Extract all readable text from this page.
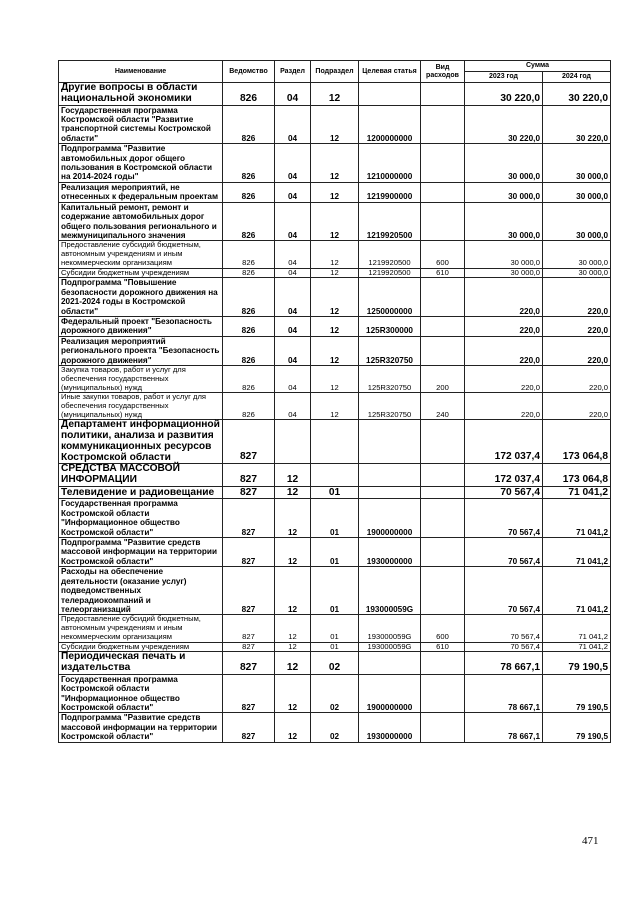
Наименование	Ведомство	Раздел	Подраздел	Целевая статья	Вид расходов	Сумма	
						2023 год	2024 год
Другие вопросы в области национальной экономики	826	04	12			30 220,0	30 220,0
Государственная программа Костромской области "Развитие транспортной системы Костромской области"	826	04	12	1200000000		30 220,0	30 220,0
Подпрограмма "Развитие автомобильных дорог общего пользования в Костромской области на 2014-2024 годы"	826	04	12	1210000000		30 000,0	30 000,0
Реализация мероприятий, не отнесенных к федеральным проектам	826	04	12	1219900000		30 000,0	30 000,0
Капитальный ремонт, ремонт и содержание автомобильных дорог общего пользования регионального и межмуниципального значения	826	04	12	1219920500		30 000,0	30 000,0
Предоставление субсидий бюджетным, автономным учреждениям и иным некоммерческим организациям	826	04	12	1219920500	600	30 000,0	30 000,0
Субсидии бюджетным учреждениям	826	04	12	1219920500	610	30 000,0	30 000,0
Подпрограмма "Повышение безопасности дорожного движения на 2021-2024 годы в Костромской области"	826	04	12	1250000000		220,0	220,0
Федеральный проект "Безопасность дорожного движения"	826	04	12	125R300000		220,0	220,0
Реализация мероприятий регионального проекта "Безопасность дорожного движения"	826	04	12	125R320750		220,0	220,0
Закупка товаров, работ и услуг для обеспечения государственных (муниципальных) нужд	826	04	12	125R320750	200	220,0	220,0
Иные закупки товаров, работ и услуг для обеспечения государственных (муниципальных) нужд	826	04	12	125R320750	240	220,0	220,0
Департамент информационной политики, анализа и развития коммуникационных ресурсов Костромской области	827					172 037,4	173 064,8
СРЕДСТВА МАССОВОЙ ИНФОРМАЦИИ	827	12				172 037,4	173 064,8
Телевидение и радиовещание	827	12	01			70 567,4	71 041,2
Государственная программа Костромской области "Информационное общество Костромской области"	827	12	01	1900000000		70 567,4	71 041,2
Подпрограмма "Развитие средств массовой информации на территории Костромской области"	827	12	01	1930000000		70 567,4	71 041,2
Расходы на обеспечение деятельности (оказание услуг) подведомственных телерадиокомпаний и телеорганизаций	827	12	01	193000059G		70 567,4	71 041,2
Предоставление субсидий бюджетным, автономным учреждениям и иным некоммерческим организациям	827	12	01	193000059G	600	70 567,4	71 041,2
Субсидии бюджетным учреждениям	827	12	01	193000059G	610	70 567,4	71 041,2
Периодическая печать и издательства	827	12	02			78 667,1	79 190,5
Государственная программа Костромской области "Информационное общество Костромской области"	827	12	02	1900000000		78 667,1	79 190,5
Подпрограмма "Развитие средств массовой информации на территории Костромской области"	827	12	02	1930000000		78 667,1	79 190,5
471
